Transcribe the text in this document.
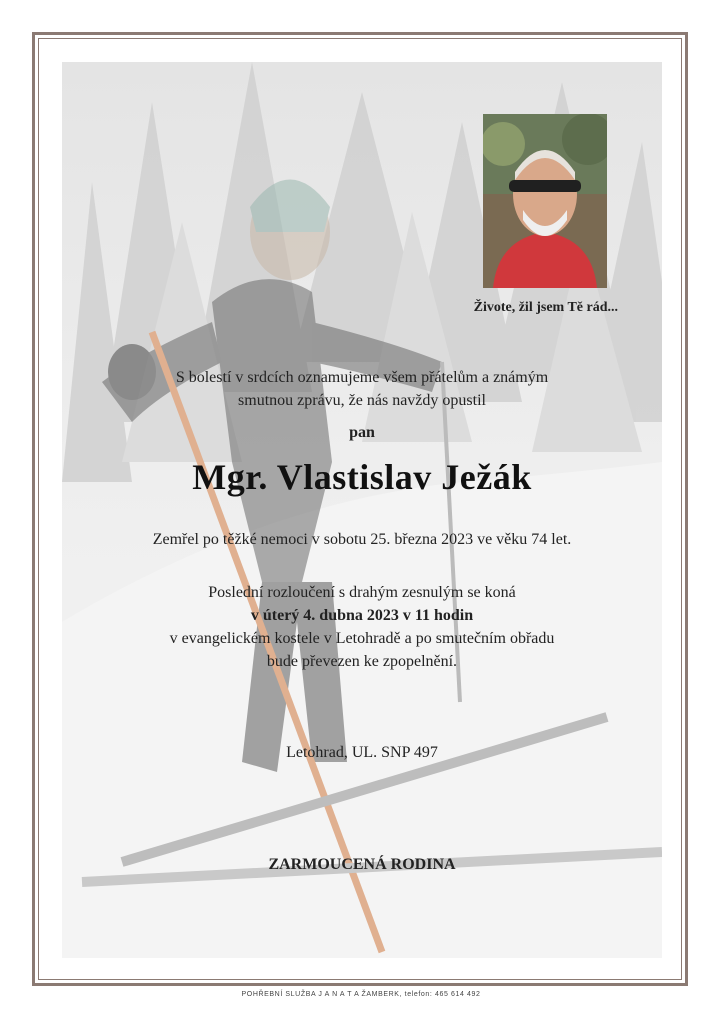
Živote, žil jsem Tě rád...
S bolestí v srdcích oznamujeme všem přátelům a známým
smutnou zprávu, že nás navždy opustil
pan
Mgr. Vlastislav Ježák
Zemřel po těžké nemoci v sobotu 25. března 2023 ve věku 74 let.
Poslední rozloučení s drahým zesnulým se koná
v úterý 4. dubna 2023 v 11 hodin
v evangelickém kostele v Letohradě a po smutečním obřadu
bude převezen ke zpopelnění.
Letohrad, UL. SNP 497
ZARMOUCENÁ RODINA
POHŘEBNÍ SLUŽBA J A N A T A ŽAMBERK, telefon: 465 614 492
